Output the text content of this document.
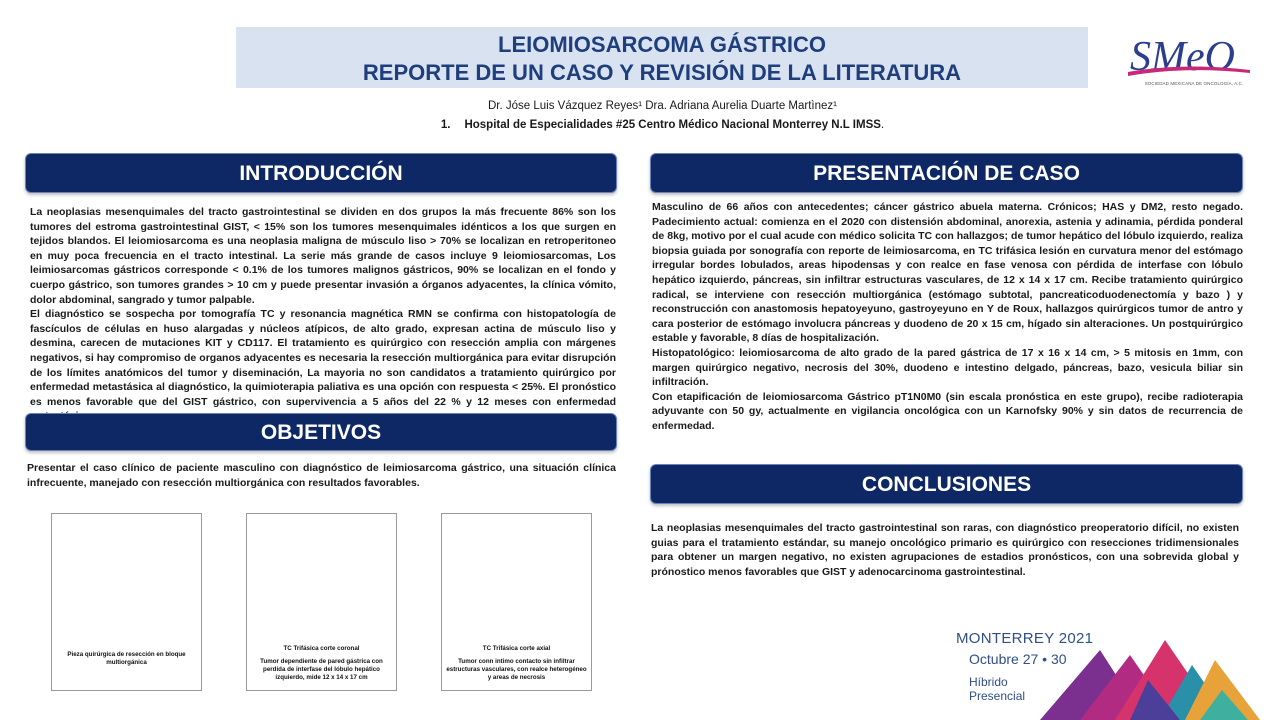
LEIOMIOSARCOMA GÁSTRICO
REPORTE DE UN CASO Y REVISIÓN DE LA LITERATURA	SMeO
SOCIEDAD MEXICANA DE ONCOLOGÍA, A.C.
Dr. Jóse Luis Vázquez Reyes¹ Dra. Adriana Aurelia Duarte Martìnez¹
1. Hospital de Especialidades #25 Centro Médico Nacional Monterrey N.L IMSS.
INTRODUCCIÓN

La neoplasias mesenquimales del tracto gastrointestinal se dividen en dos grupos la más frecuente 86% son los tumores del estroma gastrointestinal GIST, < 15% son los tumores mesenquimales idénticos a los que surgen en tejidos blandos. El leiomiosarcoma es una neoplasia maligna de músculo liso > 70% se localizan en retroperitoneo en muy poca frecuencia en el tracto intestinal. La serie más grande de casos incluye 9 leiomiosarcomas, Los leimiosarcomas gástricos corresponde < 0.1% de los tumores malignos gástricos, 90% se localizan en el fondo y cuerpo gástrico, son tumores grandes > 10 cm y puede presentar invasión a órganos adyacentes, la clínica vómito, dolor abdominal, sangrado y tumor palpable.

El diagnóstico se sospecha por tomografía TC y resonancia magnética RMN se confirma con histopatología de fascículos de células en huso alargadas y núcleos atípicos, de alto grado, expresan actina de músculo liso y desmina, carecen de mutaciones KIT y CD117. El tratamiento es quirúrgico con resección amplia con márgenes negativos, si hay compromiso de organos adyacentes es necesaria la resección multiorgánica para evitar disrupción de los límites anatómicos del tumor y diseminación, La mayoria no son candidatos a tratamiento quirúrgico por enfermedad metastásica al diagnóstico, la quimioterapia paliativa es una opción con respuesta < 25%. El pronóstico es menos favorable que del GIST gástrico, con supervivencia a 5 años del 22 % y 12 meses con enfermedad

OBJETIVOS
Presentar el caso clínico de paciente masculino con diagnóstico de leimiosarcoma gástrico, una situación clínica infrecuente, manejado con resección multiorgánica con resultados favorables.
Pieza quirúrgica de resección en bloque multiorgánica
TC Trifásica corte coronal
Tumor dependiente de pared gástrica con perdida de interfase del lóbulo hepático izquierdo, mide 12 x 14 x 17 cm
TC Trifásica corte axial
Tumor conn intimo contacto sin infiltrar estructuras vasculares, con realce heterogéneo y areas de necrosis
PRESENTACIÓN DE CASO

Masculino de 66 años con antecedentes; cáncer gástrico abuela materna. Crónicos; HAS y DM2, resto negado. Padecimiento actual: comienza en el 2020 con distensión abdominal, anorexia, astenia y adinamia, pérdida ponderal de 8kg, motivo por el cual acude con médico solicita TC con hallazgos; de tumor hepático del lóbulo izquierdo, realiza biopsia guiada por sonografía con reporte de leimiosarcoma, en TC trifásica lesión en curvatura menor del estómago irregular bordes lobulados, areas hipodensas y con realce en fase venosa con pérdida de interfase con lóbulo hepático izquierdo, páncreas, sin infiltrar estructuras vasculares, de 12 x 14 x 17 cm. Recibe tratamiento quirúrgico radical, se interviene con resección multiorgánica (estómago subtotal, pancreaticoduodenectomía y bazo ) y reconstrucción con anastomosis hepatoyeyuno, gastroyeyuno en Y de Roux, hallazgos quirúrgicos tumor de antro y cara posterior de estómago involucra páncreas y duodeno de 20 x 15 cm, hígado sin alteraciones. Un postquirúrgico estable y favorable, 8 días de hospitalización.

Histopatológico: leiomiosarcoma de alto grado de la pared gástrica de 17 x 16 x 14 cm, > 5 mitosis en 1mm, con margen quirúrgico negativo, necrosis del 30%, duodeno e intestino delgado, páncreas, bazo, vesicula biliar sin infiltración.

Con etapificación de leiomiosarcoma Gástrico pT1N0M0 (sin escala pronóstica en este grupo), recibe radioterapia adyuvante con 50 gy, actualmente en vigilancia oncológica con un Karnofsky 90% y sin datos de recurrencia de enfermedad.

CONCLUSIONES
La neoplasias mesenquimales del tracto gastrointestinal son raras, con diagnóstico preoperatorio difícil, no existen guias para el tratamiento estándar, su manejo oncológico primario es quirúrgico con resecciones tridimensionales para obtener un margen negativo, no existen agrupaciones de estadios pronósticos, con una sobrevida global y prónostico menos favorables que GIST y adenocarcinoma gastrointestinal.
MONTERREY 2021
Octubre 27 • 30
Híbrido Presencial
